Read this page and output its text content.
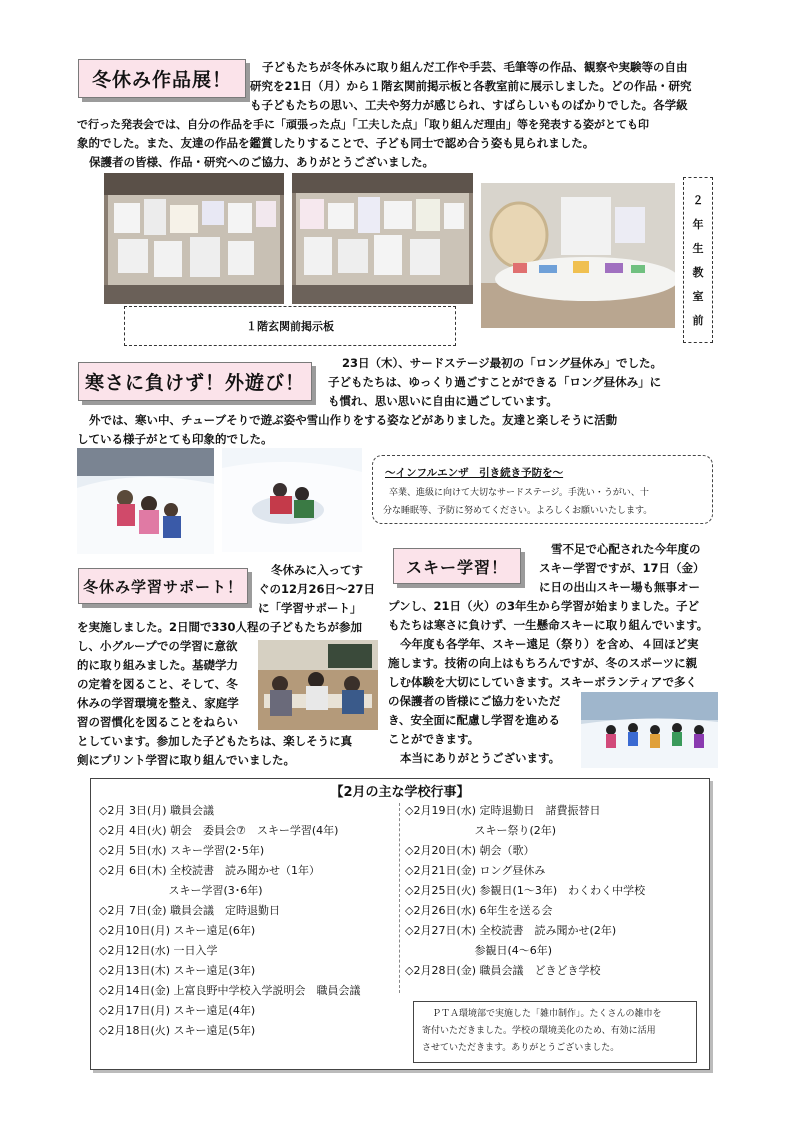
冬休み作品展！
子どもたちが冬休みに取り組んだ工作や手芸、毛筆等の作品、観察や実験等の自由
研究を21日（月）から１階玄関前掲示板と各教室前に展示しました。どの作品・研究
も子どもたちの思い、工夫や努力が感じられ、すばらしいものばかりでした。各学級
で行った発表会では、自分の作品を手に「頑張った点」「工夫した点」「取り組んだ理由」等を発表する姿がとても印
象的でした。また、友達の作品を鑑賞したりすることで、子ども同士で認め合う姿も見られました。
保護者の皆様、作品・研究へのご協力、ありがとうございました。
１階玄関前掲示板
２
年
生
教
室
前
寒さに負けず！外遊び！
23日（木）、サードステージ最初の「ロング昼休み」でした。
子どもたちは、ゆっくり過ごすことができる「ロング昼休み」に
も慣れ、思い思いに自由に過ごしています。
外では、寒い中、チューブそりで遊ぶ姿や雪山作りをする姿などがありました。友達と楽しそうに活動
している様子がとても印象的でした。
～インフルエンザ　引き続き予防を～
卒業、進級に向けて大切なサードステージ。手洗い・うがい、十
分な睡眠等、予防に努めてください。よろしくお願いいたします。
冬休み学習サポート！
冬休みに入ってす
ぐの12月26日～27日
に「学習サポート」
を実施しました。2日間で330人程の子どもたちが参加
し、小グループでの学習に意欲
的に取り組みました。基礎学力
の定着を図ること、そして、冬
休みの学習環境を整え、家庭学
習の習慣化を図ることをねらい
としています。参加した子どもたちは、楽しそうに真
剣にプリント学習に取り組んでいました。
スキー学習！
雪不足で心配された今年度の
スキー学習ですが、17日（金）
に日の出山スキー場も無事オー
プンし、21日（火）の3年生から学習が始まりました。子ど
もたちは寒さに負けず、一生懸命スキーに取り組んでいます。
今年度も各学年、スキー遠足（祭り）を含め、４回ほど実
施します。技術の向上はもちろんですが、冬のスポーツに親
しむ体験を大切にしていきます。スキーボランティアで多く
の保護者の皆様にご協力をいただ
き、安全面に配慮し学習を進める
ことができます。
本当にありがとうございます。
【2月の主な学校行事】
◇2月 3日(月) 職員会議
◇2月 4日(火) 朝会　委員会⑦　スキー学習(4年)
◇2月 5日(水) スキー学習(2･5年)
◇2月 6日(木) 全校読書　読み聞かせ（1年）
　　　　　　 スキー学習(3･6年)
◇2月 7日(金) 職員会議　定時退勤日
◇2月10日(月) スキー遠足(6年)
◇2月12日(水) 一日入学
◇2月13日(木) スキー遠足(3年)
◇2月14日(金) 上富良野中学校入学説明会　職員会議
◇2月17日(月) スキー遠足(4年)
◇2月18日(火) スキー遠足(5年)
◇2月19日(水) 定時退勤日　諸費振替日
　　　　　　 スキー祭り(2年)
◇2月20日(木) 朝会（歌）
◇2月21日(金) ロング昼休み
◇2月25日(火) 参観日(1～3年)　わくわく中学校
◇2月26日(水) 6年生を送る会
◇2月27日(木) 全校読書　読み聞かせ(2年)
　　　　　　 参観日(4～6年)
◇2月28日(金) 職員会議　どきどき学校
ＰＴＡ環境部で実施した「雑巾制作」。たくさんの雑巾を
寄付いただきました。学校の環境美化のため、有効に活用
させていただきます。ありがとうございました。
